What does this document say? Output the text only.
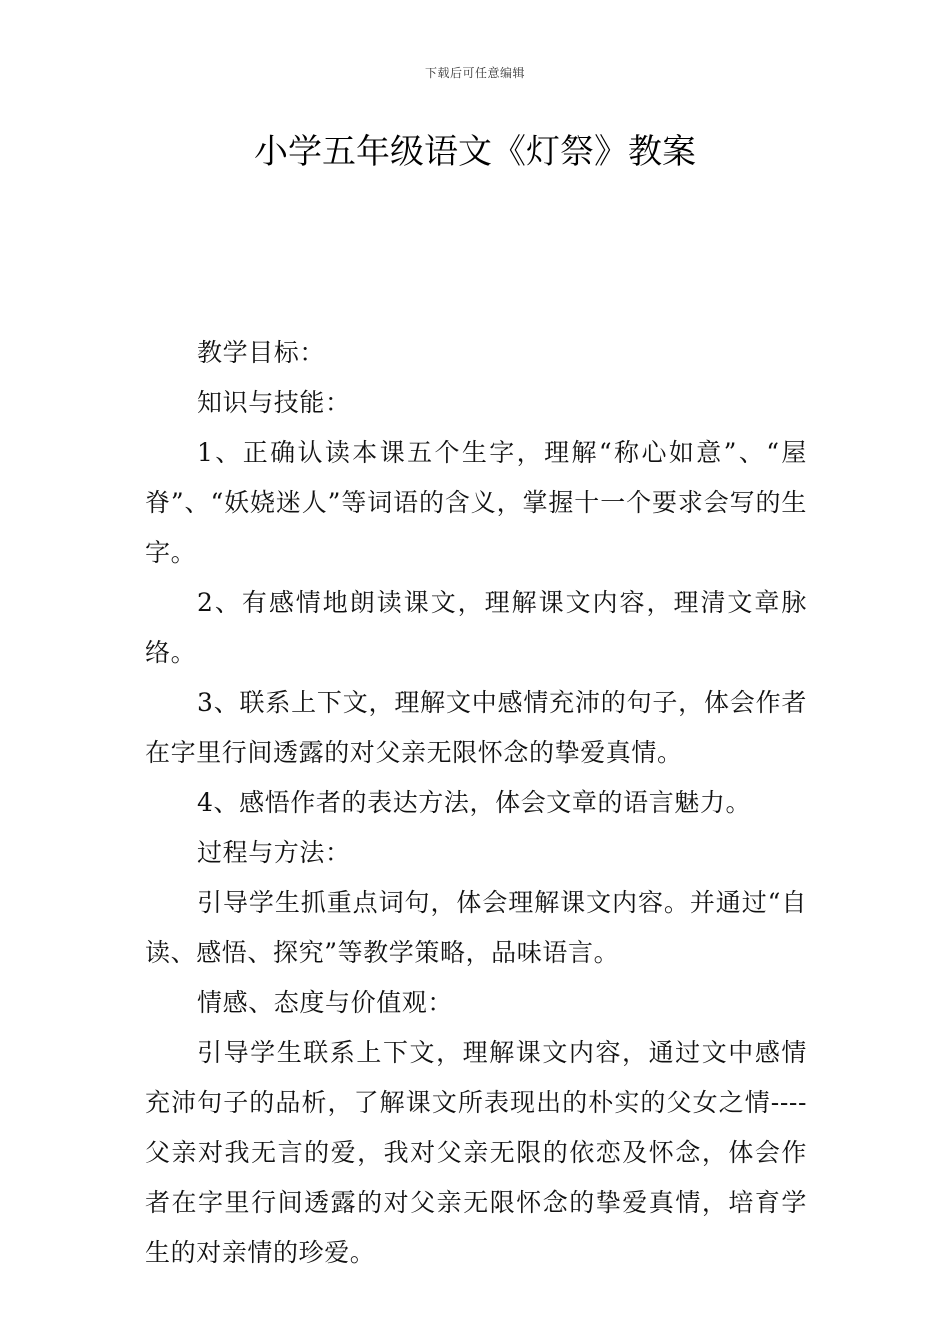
下载后可任意编辑
小学五年级语文《灯祭》教案

教学目标：

知识与技能：

1、正确认读本课五个生字，理解“称心如意”、“屋脊”、“妖娆迷人”等词语的含义，掌握十一个要求会写的生字。

2、有感情地朗读课文，理解课文内容，理清文章脉络。

3、联系上下文，理解文中感情充沛的句子，体会作者在字里行间透露的对父亲无限怀念的挚爱真情。

4、感悟作者的表达方法，体会文章的语言魅力。

过程与方法：

引导学生抓重点词句，体会理解课文内容。并通过“自读、感悟、探究”等教学策略，品味语言。

情感、态度与价值观：

引导学生联系上下文，理解课文内容，通过文中感情充沛句子的品析，了解课文所表现出的朴实的父女之情----父亲对我无言的爱，我对父亲无限的依恋及怀念，体会作者在字里行间透露的对父亲无限怀念的挚爱真情，培育学生的对亲情的珍爱。
